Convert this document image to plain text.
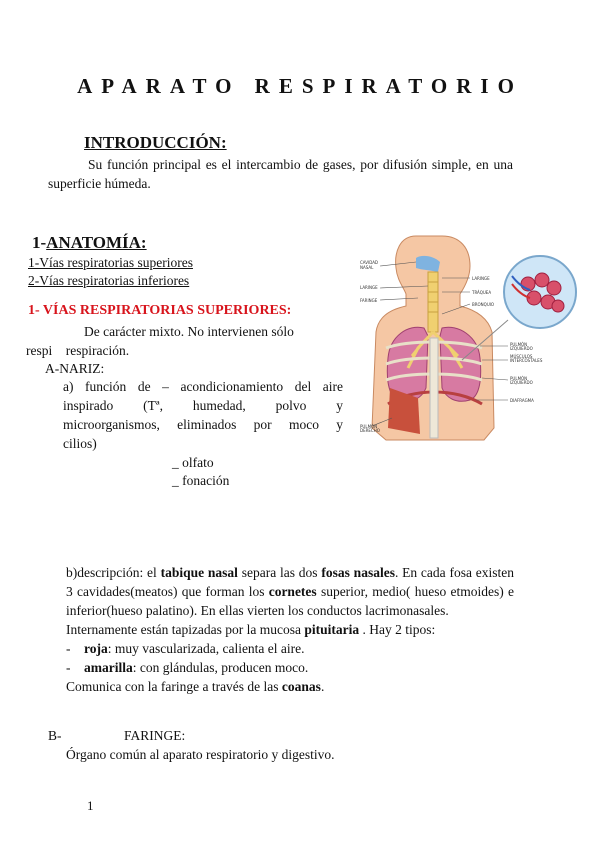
APARATO RESPIRATORIO
INTRODUCCIÓN:
Su función principal es el intercambio de gases, por difusión simple, en una superficie húmeda.
1-ANATOMÍA:
1-Vías respiratorias superiores
2-Vías respiratorias inferiores
1- VÍAS RESPIRATORIAS SUPERIORES:
De carácter mixto. No intervienen sólo
respi    respiración.
A-NARIZ:
a) función de – acondicionamiento del aire
inspirado   (Tª,   humedad,   polvo   y
microorganismos, eliminados por moco y
cilios)
_ olfato
_ fonación
CAVIDAD
NASAL
LARINGE
FARINGE
LARINGE
TRÁQUEA
BRONQUIO
PULMÓN
IZQUIERDO
MÚSCULOS
INTERCOSTALES
PULMÓN
IZQUIERDO
DIAFRAGMA
PULMÓN
DERECHO
b)descripción: el tabique nasal separa las dos fosas nasales. En cada fosa existen 3 cavidades(meatos) que forman los cornetes superior, medio( hueso etmoides) e inferior(hueso palatino). En ellas vierten los conductos lacrimonasales.
Internamente están tapizadas por la mucosa pituitaria . Hay 2 tipos:
- roja: muy vascularizada, calienta el aire.
- amarilla: con glándulas, producen moco.
Comunica con la faringe a través de las coanas.
B-	FARINGE:
Órgano común al aparato respiratorio y digestivo.
1
